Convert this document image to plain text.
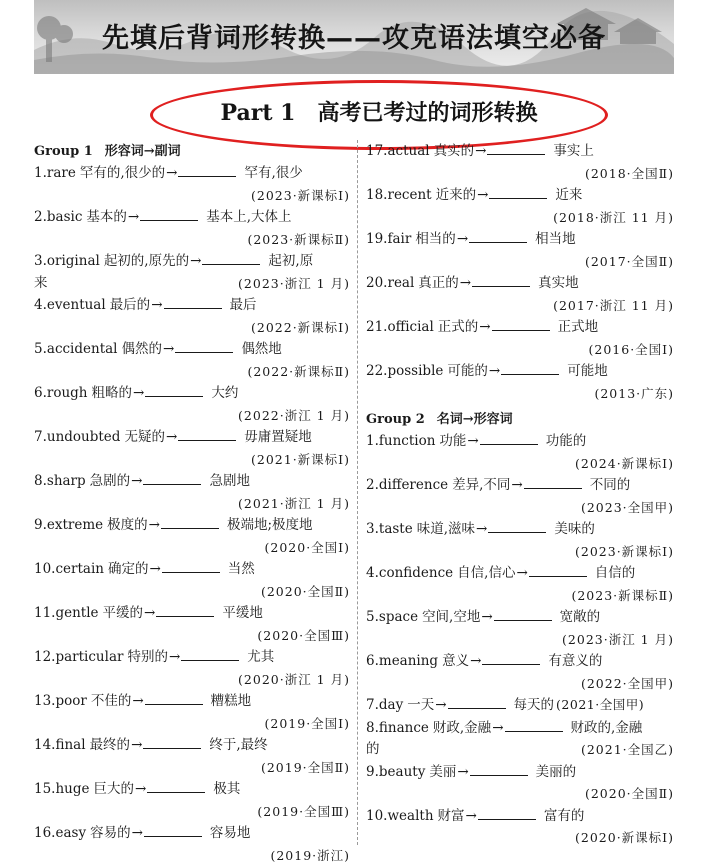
先填后背词形转换——攻克语法填空必备
Part 1 高考已考过的词形转换
Group 1 形容词→副词
1.rare 罕有的,很少的→	罕有,很少
(2023·新课标Ⅰ)
2.basic 基本的→	基本上,大体上
(2023·新课标Ⅱ)
3.original 起初的,原先的→	起初,原
来	(2023·浙江 1 月)
4.eventual 最后的→	最后
(2022·新课标Ⅰ)
5.accidental 偶然的→	偶然地
(2022·新课标Ⅱ)
6.rough 粗略的→	大约
(2022·浙江 1 月)
7.undoubted 无疑的→	毋庸置疑地
(2021·新课标Ⅰ)
8.sharp 急剧的→	急剧地
(2021·浙江 1 月)
9.extreme 极度的→	极端地;极度地
(2020·全国Ⅰ)
10.certain 确定的→	当然
(2020·全国Ⅱ)
11.gentle 平缓的→	平缓地
(2020·全国Ⅲ)
12.particular 特别的→	尤其
(2020·浙江 1 月)
13.poor 不佳的→	糟糕地
(2019·全国Ⅰ)
14.final 最终的→	终于,最终
(2019·全国Ⅱ)
15.huge 巨大的→	极其
(2019·全国Ⅲ)
16.easy 容易的→	容易地
(2019·浙江)
17.actual 真实的→	事实上
(2018·全国Ⅱ)
18.recent 近来的→	近来
(2018·浙江 11 月)
19.fair 相当的→	相当地
(2017·全国Ⅱ)
20.real 真正的→	真实地
(2017·浙江 11 月)
21.official 正式的→	正式地
(2016·全国Ⅰ)
22.possible 可能的→	可能地
(2013·广东)
Group 2 名词→形容词
1.function 功能→	功能的
(2024·新课标Ⅰ)
2.difference 差异,不同→	不同的
(2023·全国甲)
3.taste 味道,滋味→	美味的
(2023·新课标Ⅰ)
4.confidence 自信,信心→	自信的
(2023·新课标Ⅱ)
5.space 空间,空地→	宽敞的
(2023·浙江 1 月)
6.meaning 意义→	有意义的
(2022·全国甲)
7.day 一天→	每天的 (2021·全国甲)
8.finance 财政,金融→	财政的,金融
的	(2021·全国乙)
9.beauty 美丽→	美丽的
(2020·全国Ⅱ)
10.wealth 财富→	富有的
(2020·新课标Ⅰ)
